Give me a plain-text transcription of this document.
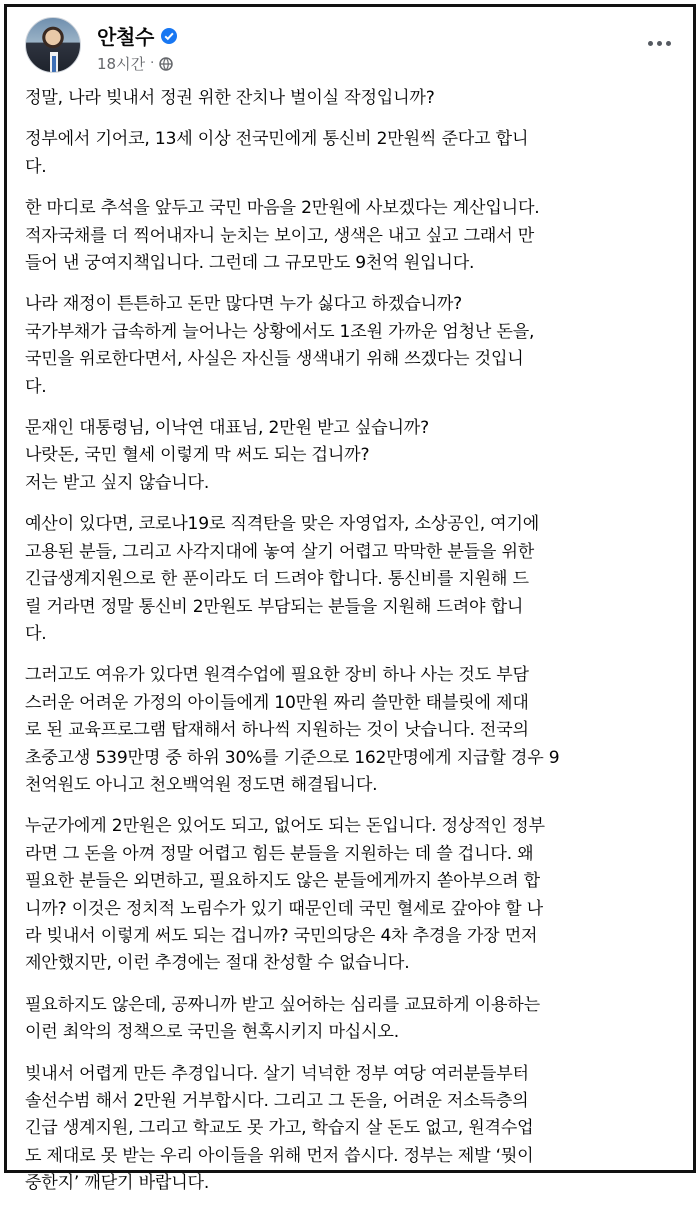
안철수
18시간 ·
정말, 나라 빚내서 정권 위한 잔치나 벌이실 작정입니까?
정부에서 기어코, 13세 이상 전국민에게 통신비 2만원씩 준다고 합니
다.
한 마디로 추석을 앞두고 국민 마음을 2만원에 사보겠다는 계산입니다.
적자국채를 더 찍어내자니 눈치는 보이고, 생색은 내고 싶고 그래서 만
들어 낸 궁여지책입니다. 그런데 그 규모만도 9천억 원입니다.
나라 재정이 튼튼하고 돈만 많다면 누가 싫다고 하겠습니까?
국가부채가 급속하게 늘어나는 상황에서도 1조원 가까운 엄청난 돈을,
국민을 위로한다면서, 사실은 자신들 생색내기 위해 쓰겠다는 것입니
다.
문재인 대통령님, 이낙연 대표님, 2만원 받고 싶습니까?
나랏돈, 국민 혈세 이렇게 막 써도 되는 겁니까?
저는 받고 싶지 않습니다.
예산이 있다면, 코로나19로 직격탄을 맞은 자영업자, 소상공인, 여기에
고용된 분들, 그리고 사각지대에 놓여 살기 어렵고 막막한 분들을 위한
긴급생계지원으로 한 푼이라도 더 드려야 합니다. 통신비를 지원해 드
릴 거라면 정말 통신비 2만원도 부담되는 분들을 지원해 드려야 합니
다.
그러고도 여유가 있다면 원격수업에 필요한 장비 하나 사는 것도 부담
스러운 어려운 가정의 아이들에게 10만원 짜리 쓸만한 태블릿에 제대
로 된 교육프로그램 탑재해서 하나씩 지원하는 것이 낫습니다. 전국의
초중고생 539만명 중 하위 30%를 기준으로 162만명에게 지급할 경우 9
천억원도 아니고 천오백억원 정도면 해결됩니다.
누군가에게 2만원은 있어도 되고, 없어도 되는 돈입니다. 정상적인 정부
라면 그 돈을 아껴 정말 어렵고 힘든 분들을 지원하는 데 쓸 겁니다. 왜
필요한 분들은 외면하고, 필요하지도 않은 분들에게까지 쏟아부으려 합
니까? 이것은 정치적 노림수가 있기 때문인데 국민 혈세로 갚아야 할 나
라 빚내서 이렇게 써도 되는 겁니까? 국민의당은 4차 추경을 가장 먼저
제안했지만, 이런 추경에는 절대 찬성할 수 없습니다.
필요하지도 않은데, 공짜니까 받고 싶어하는 심리를 교묘하게 이용하는
이런 최악의 정책으로 국민을 현혹시키지 마십시오.
빚내서 어렵게 만든 추경입니다. 살기 넉넉한 정부 여당 여러분들부터
솔선수범 해서 2만원 거부합시다. 그리고 그 돈을, 어려운 저소득층의
긴급 생계지원, 그리고 학교도 못 가고, 학습지 살 돈도 없고, 원격수업
도 제대로 못 받는 우리 아이들을 위해 먼저 씁시다. 정부는 제발 ‘뭣이
중한지’ 깨닫기 바랍니다.
